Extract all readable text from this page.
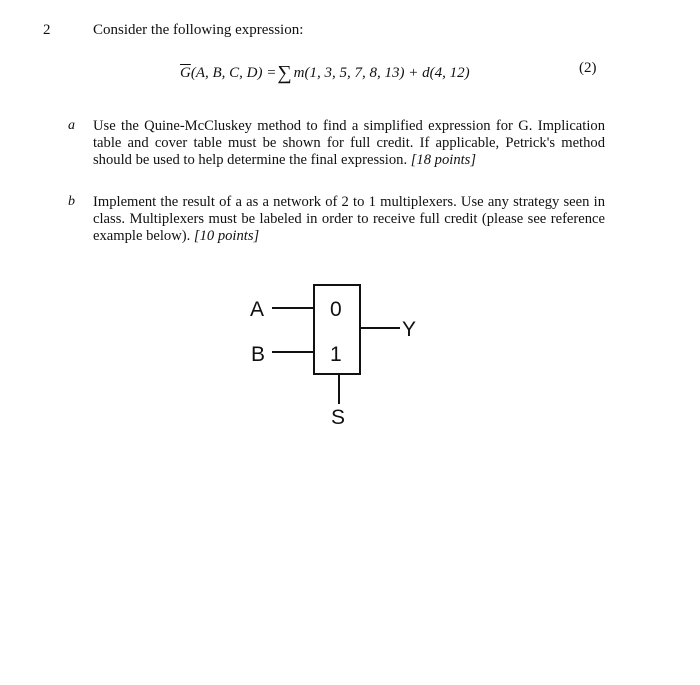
2	Consider the following expression:
$\overline{G}(A$, B, C, D) =∑ m(1, 3, 5, 7, 8, 13) + d(4, 12)	(2)
a Use the Quine-McCluskey method to find a simplified expression for G. Implication table and cover table must be shown for full credit. If applicable, Petrick's method should be used to help determine the final expression. [18 points]
b Implement the result of a as a network of 2 to 1 multiplexers. Use any strategy seen in class. Multiplexers must be labeled in order to receive full credit (please see reference example below). [10 points]
A
B
0
1
Y
S
